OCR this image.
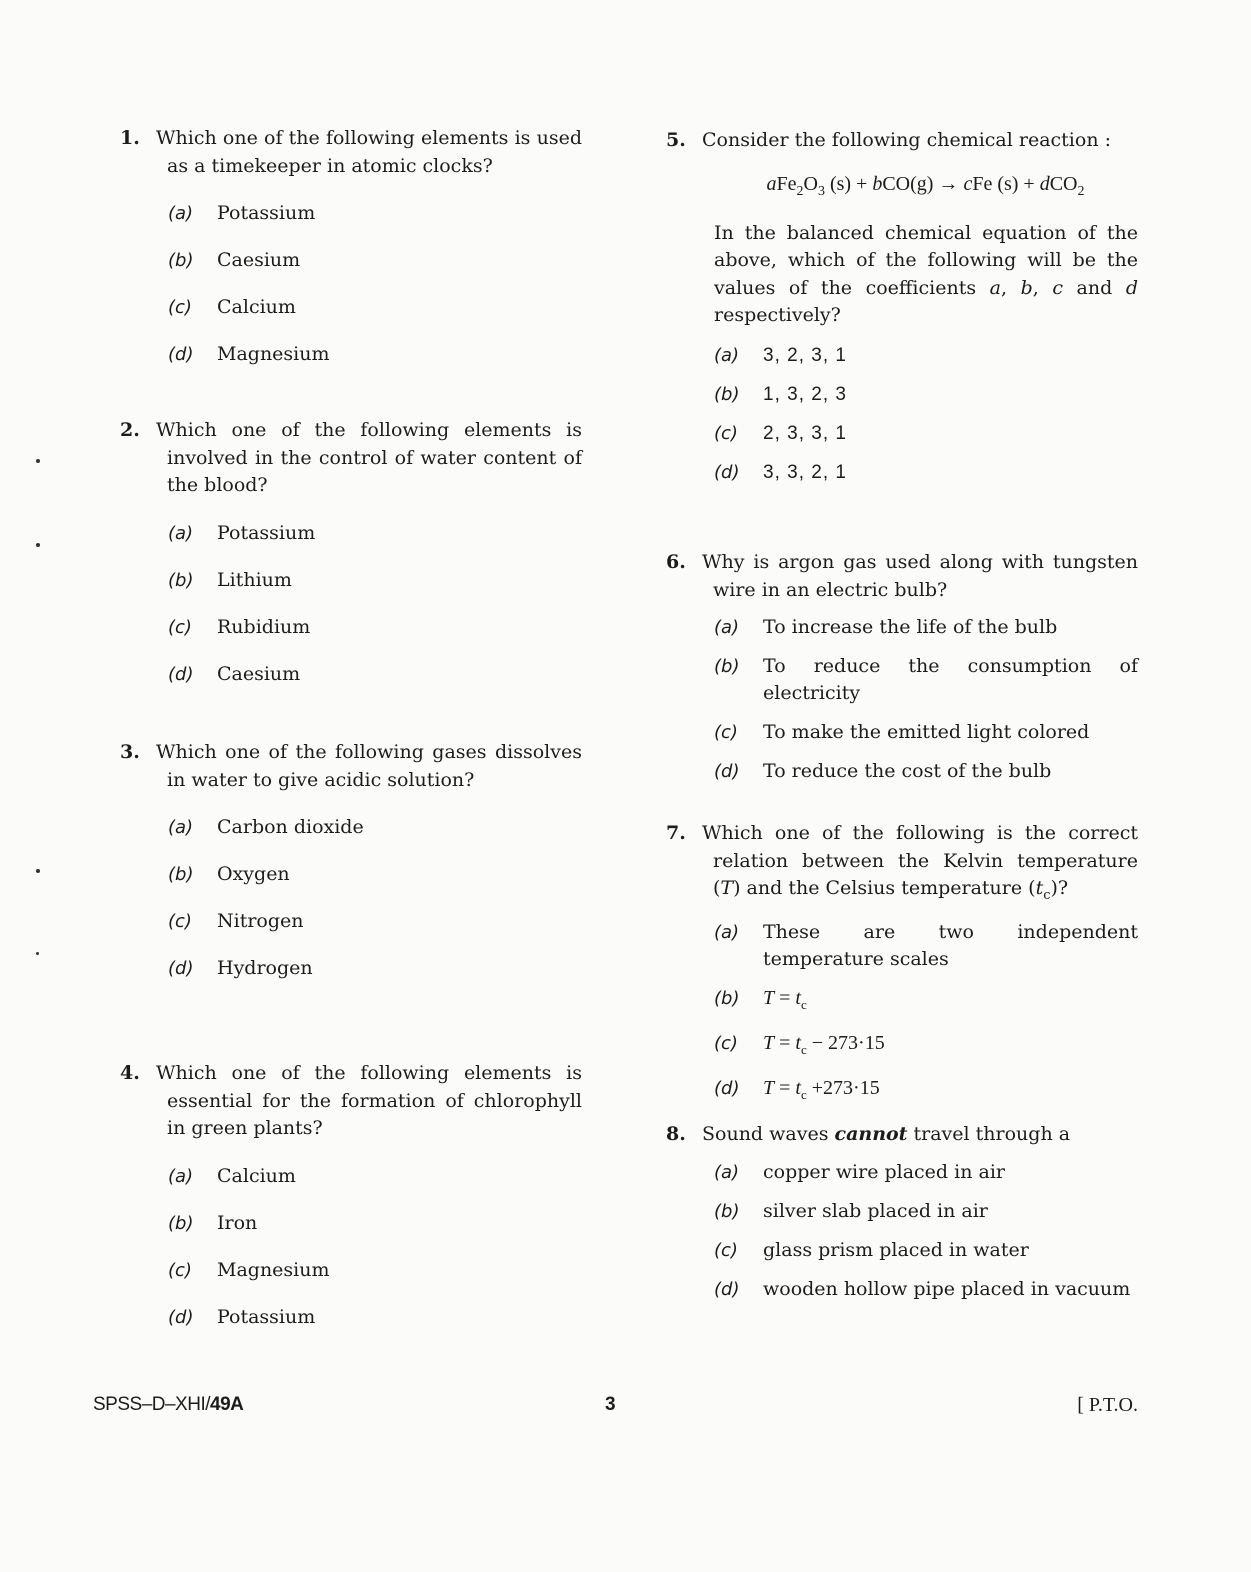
1. Which one of the following elements is used as a timekeeper in atomic clocks?

(a) Potassium
(b) Caesium
(c) Calcium
(d) Magnesium

2. Which one of the following elements is involved in the control of water content of the blood?

(a) Potassium
(b) Lithium
(c) Rubidium
(d) Caesium

3. Which one of the following gases dissolves in water to give acidic solution?

(a) Carbon dioxide
(b) Oxygen
(c) Nitrogen
(d) Hydrogen

4. Which one of the following elements is essential for the formation of chlorophyll in green plants?

(a) Calcium
(b) Iron
(c) Magnesium
(d) Potassium

5. Consider the following chemical reaction :

$aFe_2O_3$ (s) + bCO(g) → cFe (s) + dCO$_2$

In the balanced chemical equation of the above, which of the following will be the values of the coefficients a, b, c and d respectively?

(a) 3, 2, 3, 1
(b) 1, 3, 2, 3
(c) 2, 3, 3, 1
(d) 3, 3, 2, 1

6. Why is argon gas used along with tungsten wire in an electric bulb?

(a) To increase the life of the bulb
(b) To reduce the consumption of electricity
(c) To make the emitted light colored
(d) To reduce the cost of the bulb

7. Which one of the following is the correct relation between the Kelvin temperature (T) and the Celsius temperature $(t_c)$?

(a) These are two independent temperature scales
(b) $T = t_c$
(c) $T = t_c - 273\cdot 15$
(d) $T = t_c +273\cdot 15$

8. Sound waves cannot travel through a

(a) copper wire placed in air
(b) silver slab placed in air
(c) glass prism placed in water
(d) wooden hollow pipe placed in vacuum
SPSS–D–XHI/49A	3	[ P.T.O.
